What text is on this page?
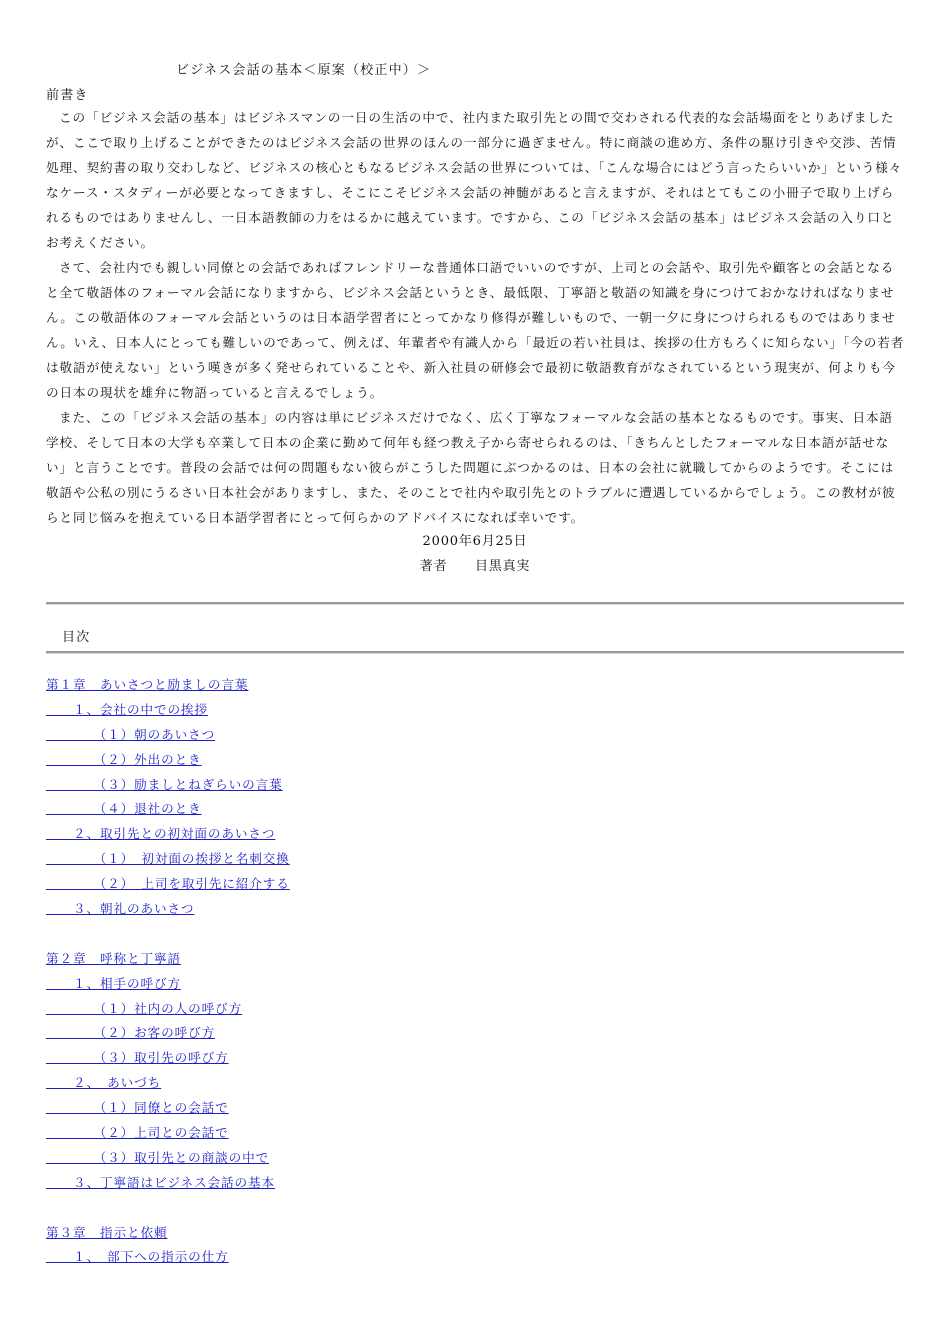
ビジネス会話の基本＜原案（校正中）＞
前書き

この「ビジネス会話の基本」はビジネスマンの一日の生活の中で、社内また取引先との間で交わされる代表的な会話場面をとりあげましたが、ここで取り上げることができたのはビジネス会話の世界のほんの一部分に過ぎません。特に商談の進め方、条件の駆け引きや交渉、苦情処理、契約書の取り交わしなど、ビジネスの核心ともなるビジネス会話の世界については、「こんな場合にはどう言ったらいいか」という様々なケース・スタディーが必要となってきますし、そこにこそビジネス会話の神髄があると言えますが、それはとてもこの小冊子で取り上げられるものではありませんし、一日本語教師の力をはるかに越えています。ですから、この「ビジネス会話の基本」はビジネス会話の入り口とお考えください。

さて、会社内でも親しい同僚との会話であればフレンドリーな普通体口語でいいのですが、上司との会話や、取引先や顧客との会話となると全て敬語体のフォーマル会話になりますから、ビジネス会話というとき、最低限、丁寧語と敬語の知識を身につけておかなければなりません。この敬語体のフォーマル会話というのは日本語学習者にとってかなり修得が難しいもので、一朝一夕に身につけられるものではありません。いえ、日本人にとっても難しいのであって、例えば、年輩者や有識人から「最近の若い社員は、挨拶の仕方もろくに知らない」「今の若者は敬語が使えない」という嘆きが多く発せられていることや、新入社員の研修会で最初に敬語教育がなされているという現実が、何よりも今の日本の現状を雄弁に物語っていると言えるでしょう。

また、この「ビジネス会話の基本」の内容は単にビジネスだけでなく、広く丁寧なフォーマルな会話の基本となるものです。事実、日本語学校、そして日本の大学も卒業して日本の企業に勤めて何年も経つ教え子から寄せられるのは、「きちんとしたフォーマルな日本語が話せない」と言うことです。普段の会話では何の問題もない彼らがこうした問題にぶつかるのは、日本の会社に就職してからのようです。そこには敬語や公私の別にうるさい日本社会がありますし、また、そのことで社内や取引先とのトラブルに遭遇しているからでしょう。この教材が彼らと同じ悩みを抱えている日本語学習者にとって何らかのアドバイスになれば幸いです。

2000年6月25日
著者　　目黒真実
目次
第１章　あいさつと励ましの言葉
　　１、会社の中での挨拶
　　　　（１）朝のあいさつ
　　　　（２）外出のとき
　　　　（３）励ましとねぎらいの言葉
　　　　（４）退社のとき
　　２、取引先との初対面のあいさつ
　　　　（１）　初対面の挨拶と名刺交換
　　　　（２）　上司を取引先に紹介する
　　３、朝礼のあいさつ
第２章　呼称と丁寧語
　　１、相手の呼び方
　　　　（１）社内の人の呼び方
　　　　（２）お客の呼び方
　　　　（３）取引先の呼び方
　　２、　あいづち
　　　　（１）同僚との会話で
　　　　（２）上司との会話で
　　　　（３）取引先との商談の中で
　　３、丁寧語はビジネス会話の基本
第３章　指示と依頼
　　１、　部下への指示の仕方
